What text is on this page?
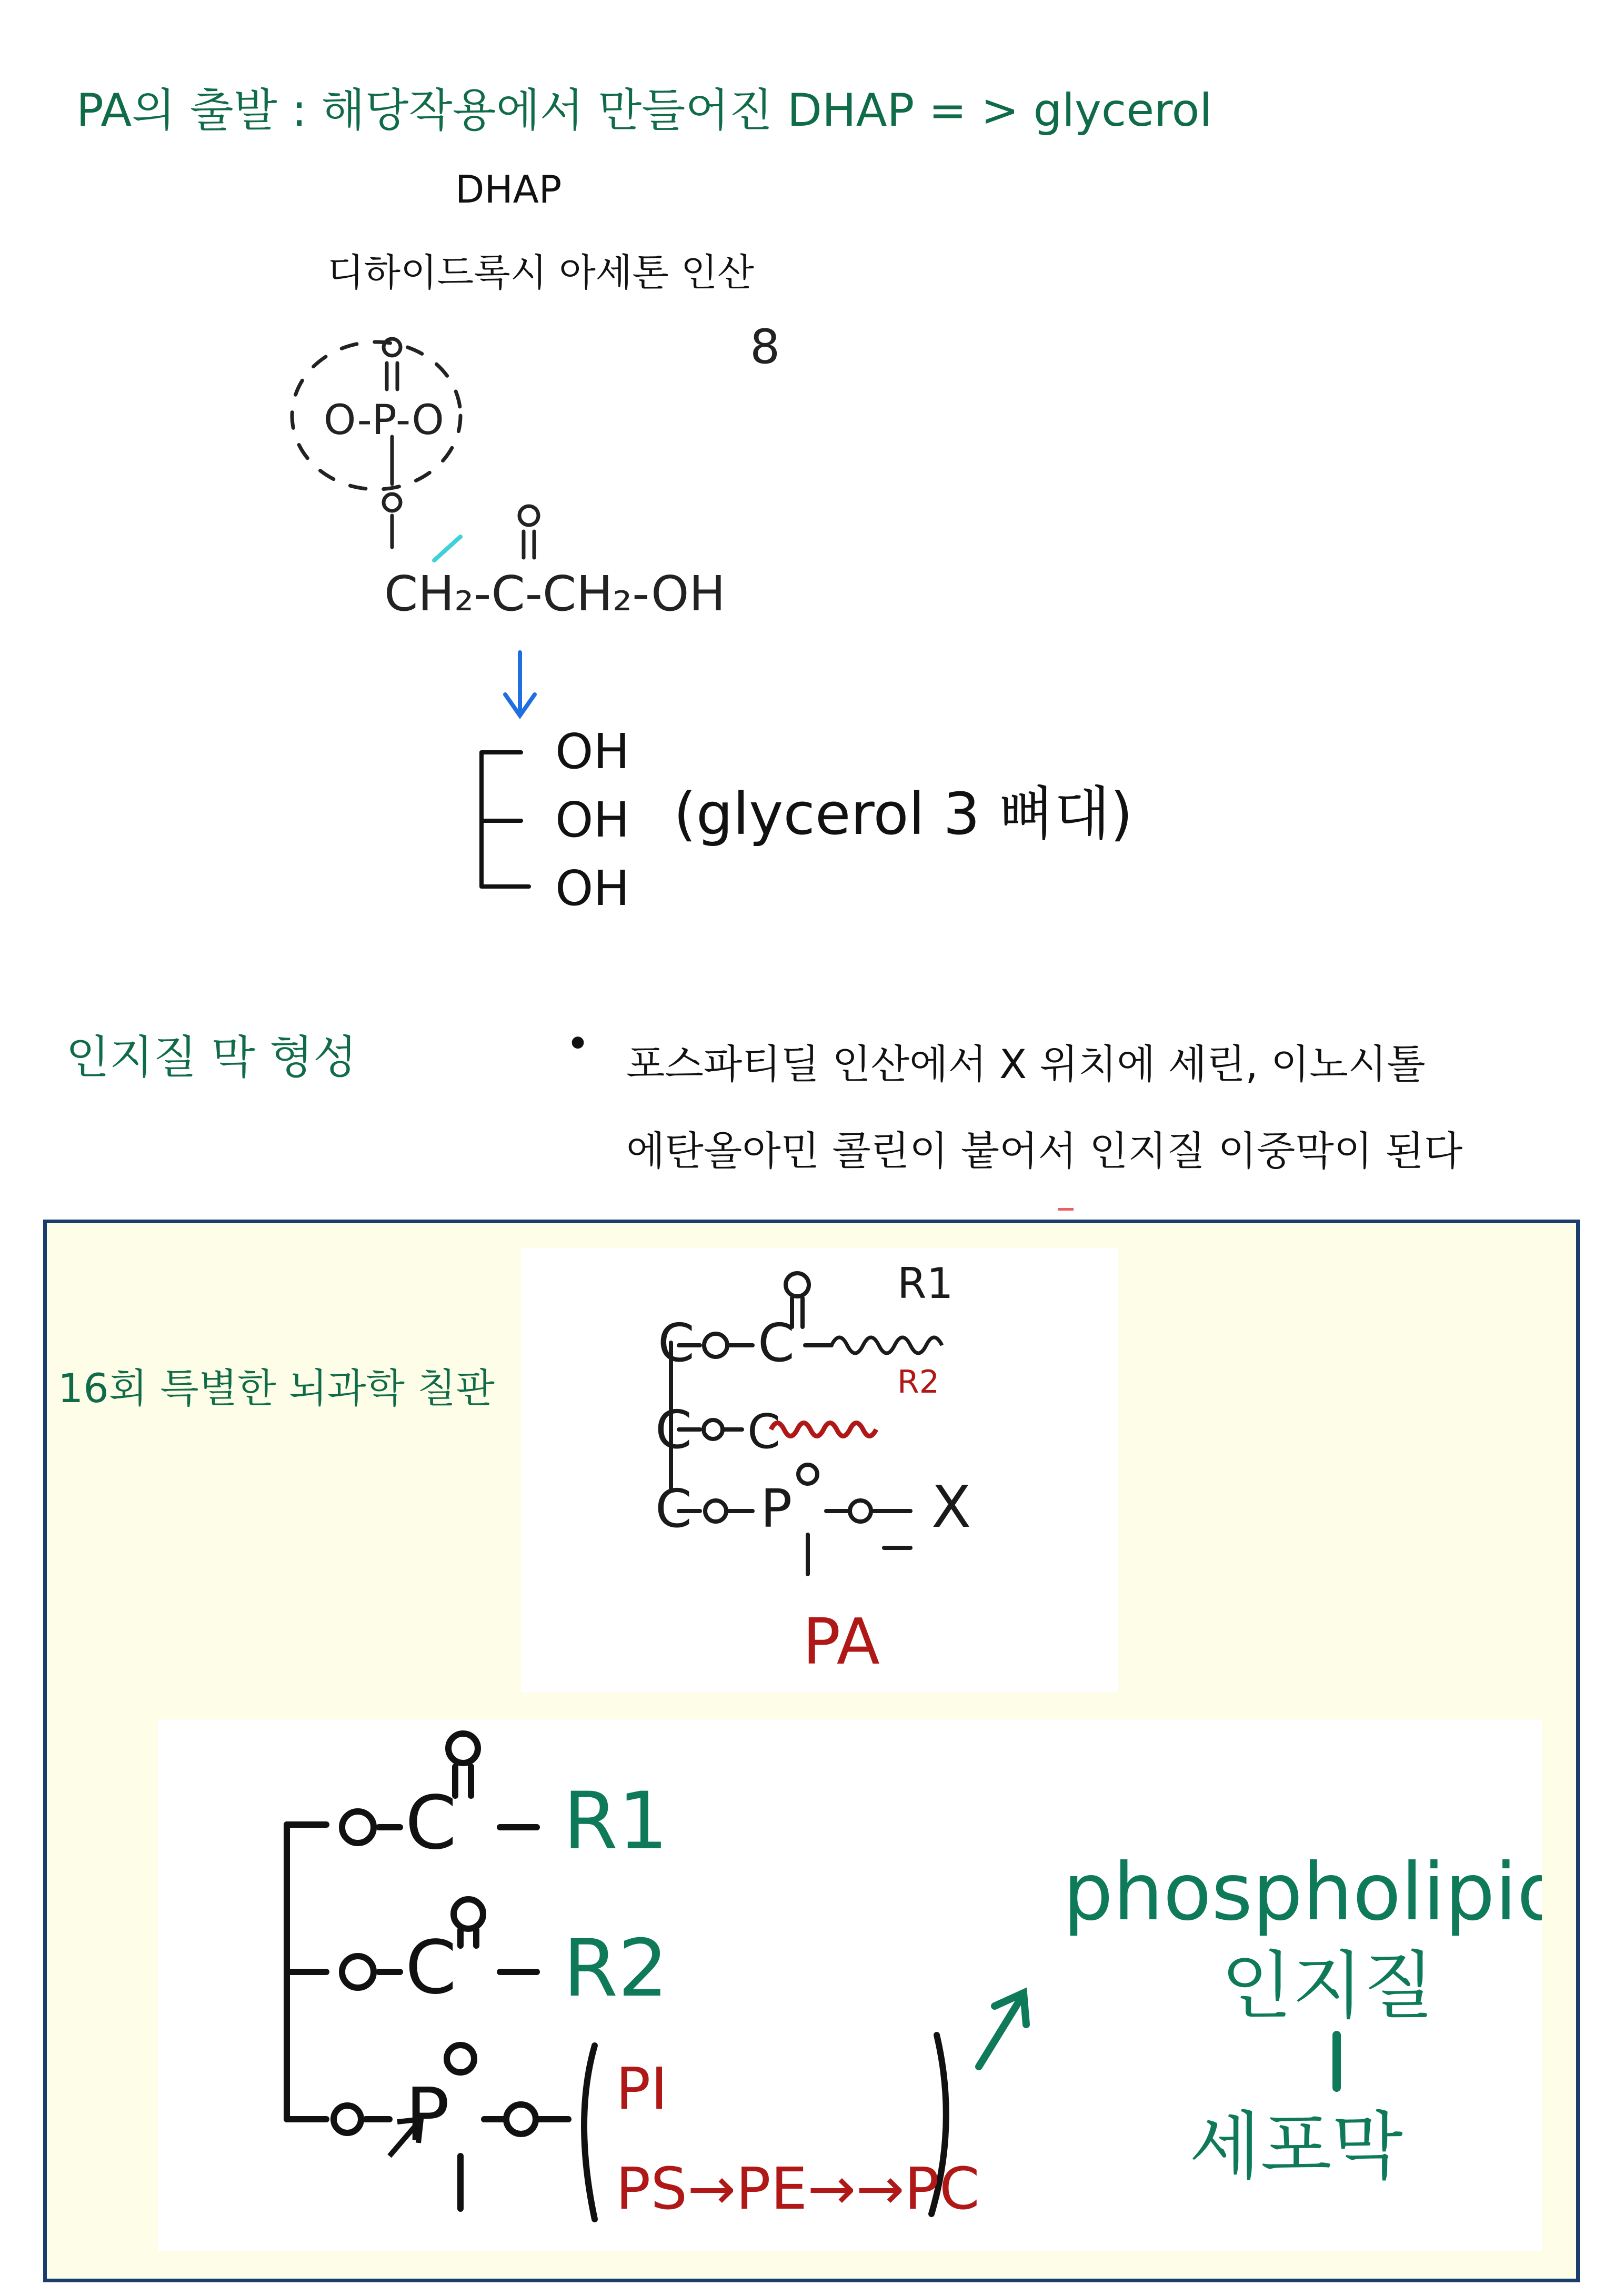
PA의 출발 : 해당작용에서 만들어진 DHAP = > glycerol
DHAP
디하이드록시 아세톤 인산
8
O-P-O
CH₂-C-CH₂-OH
OH
OH
OH
(glycerol 3 뼈대)
인지질 막 형성	• 포스파티딜 인산에서 X 위치에 세린, 이노시톨
에탄올아민 콜린이 붙어서 인지질 이중막이 된다
16회 특별한 뇌과학 칠판
C C
C C
C P
R1
R2
X
PA
C
C
P
R1
R2
PI
PS→PE→→PC
phospholipid
인지질
세포막
